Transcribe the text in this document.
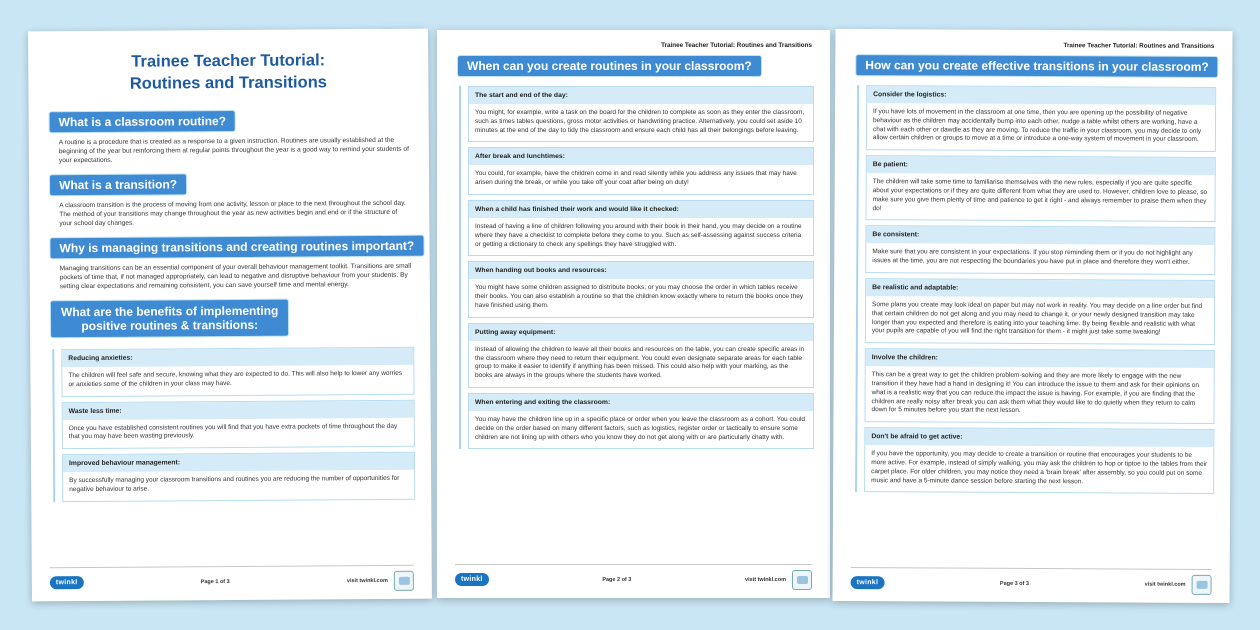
Trainee Teacher Tutorial:
Routines and Transitions
What is a classroom routine?
A routine is a procedure that is created as a response to a given instruction. Routines are usually established at the beginning of the year but reinforcing them at regular points throughout the year is a good way to remind your students of your expectations.
What is a transition?
A classroom transition is the process of moving from one activity, lesson or place to the next throughout the school day. The method of your transitions may change throughout the year as new activities begin and end or if the structure of your school day changes.
Why is managing transitions and creating routines important?
Managing transitions can be an essential component of your overall behaviour management toolkit. Transitions are small pockets of time that, if not managed appropriately, can lead to negative and disruptive behaviour from your students. By setting clear expectations and remaining consistent, you can save yourself time and mental energy.
What are the benefits of implementing
positive routines & transitions:
Reducing anxieties:
The children will feel safe and secure, knowing what they are expected to do. This will also help to lower any worries or anxieties some of the children in your class may have.
Waste less time:
Once you have established consistent routines you will find that you have extra pockets of time throughout the day that you may have been wasting previously.
Improved behaviour management:
By successfully managing your classroom transitions and routines you are reducing the number of opportunities for negative behaviour to arise.
twinkl	Page 1 of 3	visit twinkl.com
Trainee Teacher Tutorial: Routines and Transitions
When can you create routines in your classroom?
The start and end of the day:
You might, for example, write a task on the board for the children to complete as soon as they enter the classroom, such as times tables questions, gross motor activities or handwriting practice. Alternatively, you could set aside 10 minutes at the end of the day to tidy the classroom and ensure each child has all their belongings before leaving.
After break and lunchtimes:
You could, for example, have the children come in and read silently while you address any issues that may have arisen during the break, or while you take off your coat after being on duty!
When a child has finished their work and would like it checked:
Instead of having a line of children following you around with their book in their hand, you may decide on a routine where they have a checklist to complete before they come to you. Such as self-assessing against success criteria or getting a dictionary to check any spellings they have struggled with.
When handing out books and resources:
You might have some children assigned to distribute books, or you may choose the order in which tables receive their books. You can also establish a routine so that the children know exactly where to return the books once they have finished using them.
Putting away equipment:
Instead of allowing the children to leave all their books and resources on the table, you can create specific areas in the classroom where they need to return their equipment. You could even designate separate areas for each table group to make it easier to identify if anything has been missed. This could also help with your marking, as the books are always in the groups where the students have worked.
When entering and exiting the classroom:
You may have the children line up in a specific place or order when you leave the classroom as a cohort. You could decide on the order based on many different factors, such as logistics, register order or tactically to ensure some children are not lining up with others who you know they do not get along with or are particularly chatty with.
twinkl	Page 2 of 3	visit twinkl.com
Trainee Teacher Tutorial: Routines and Transitions
How can you create effective transitions in your classroom?
Consider the logistics:
If you have lots of movement in the classroom at one time, then you are opening up the possibility of negative behaviour as the children may accidentally bump into each other, nudge a table whilst others are working, have a chat with each other or dawdle as they are moving. To reduce the traffic in your classroom, you may decide to only allow certain children or groups to move at a time or introduce a one-way system of movement in your classroom.
Be patient:
The children will take some time to familiarise themselves with the new rules, especially if you are quite specific about your expectations or if they are quite different from what they are used to. However, children love to please, so make sure you give them plenty of time and patience to get it right - and always remember to praise them when they do!
Be consistent:
Make sure that you are consistent in your expectations. If you stop reminding them or if you do not highlight any issues at the time, you are not respecting the boundaries you have put in place and therefore they won't either.
Be realistic and adaptable:
Some plans you create may look ideal on paper but may not work in reality. You may decide on a line order but find that certain children do not get along and you may need to change it, or your newly designed transition may take longer than you expected and therefore is eating into your teaching time. By being flexible and realistic with what your pupils are capable of you will find the right transition for them - it might just take some tweaking!
Involve the children:
This can be a great way to get the children problem-solving and they are more likely to engage with the new transition if they have had a hand in designing it! You can introduce the issue to them and ask for their opinions on what is a realistic way that you can reduce the impact the issue is having. For example, if you are finding that the children are really noisy after break you can ask them what they would like to do quietly when they return to calm down for 5 minutes before you start the next lesson.
Don't be afraid to get active:
If you have the opportunity, you may decide to create a transition or routine that encourages your students to be more active. For example, instead of simply walking, you may ask the children to hop or tiptoe to the tables from their carpet place. For older children, you may notice they need a 'brain break' after assembly, so you could put on some music and have a 5-minute dance session before starting the next lesson.
twinkl	Page 3 of 3	visit twinkl.com
